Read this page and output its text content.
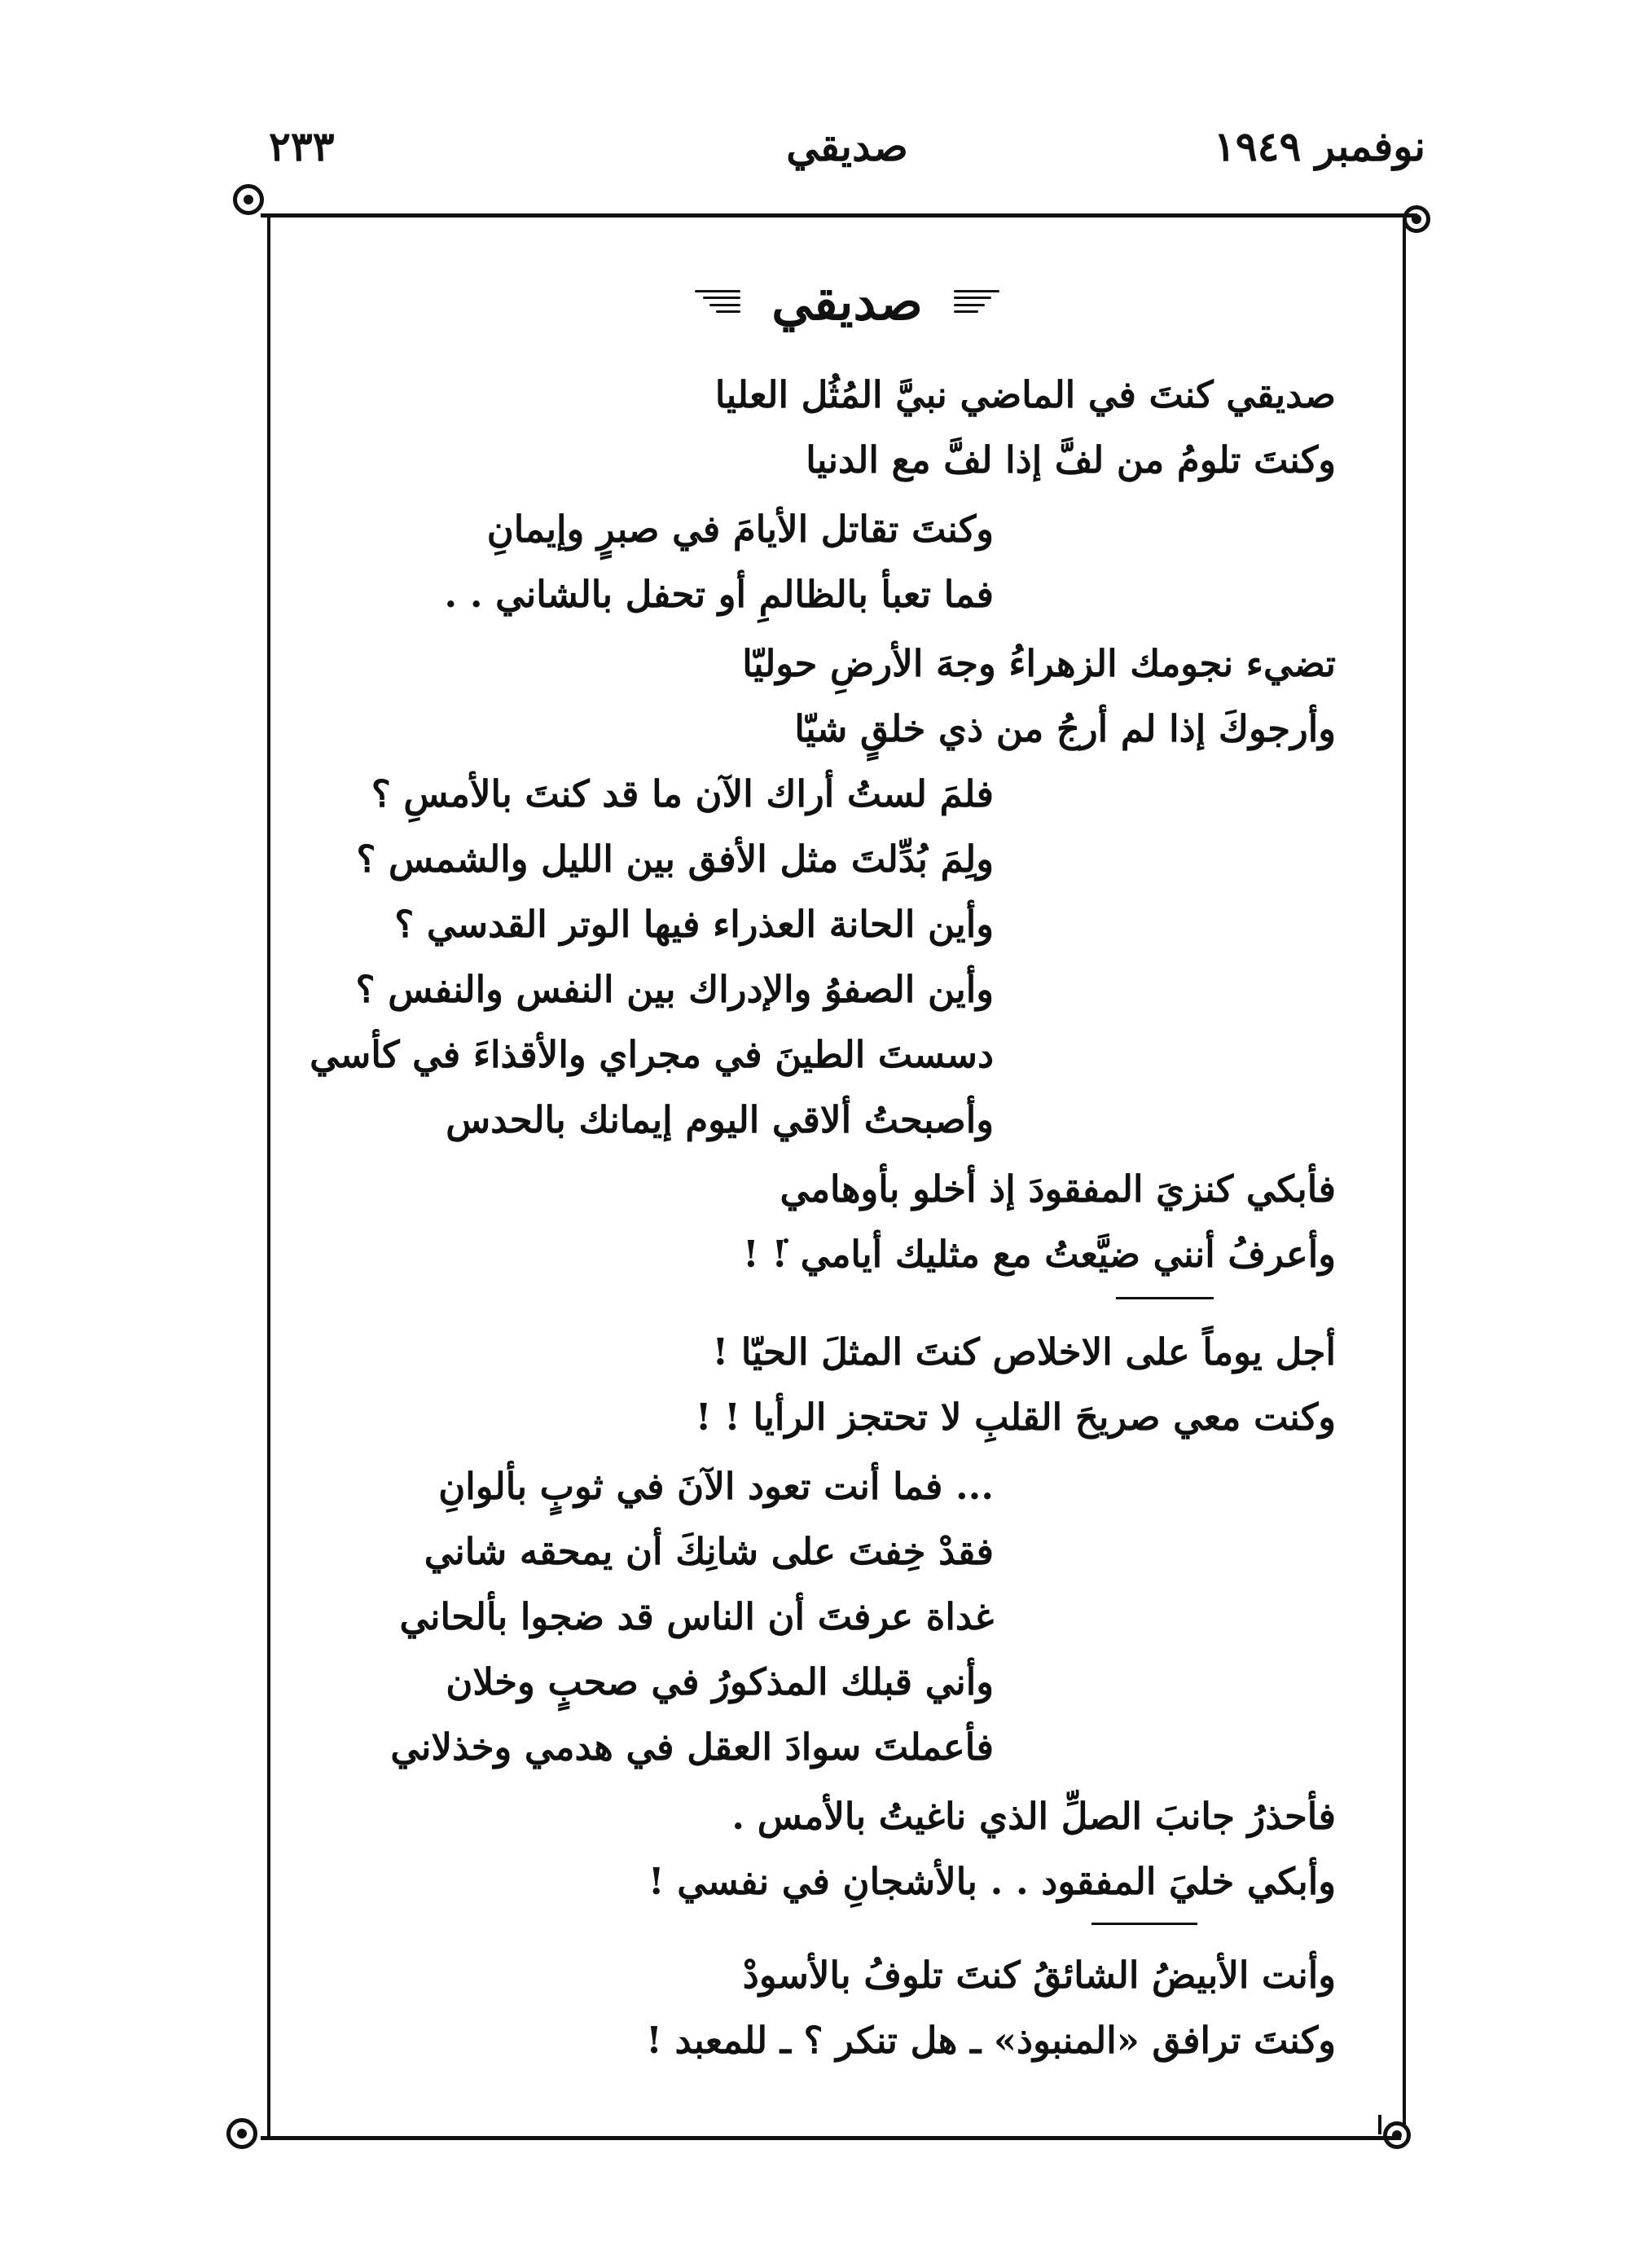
نوفمبر ١٩٤٩
صديقي
٢٣٣
صديقي
صديقي كنتَ في الماضي نبيَّ المُثُل العليا
وكنتَ تلومُ من لفَّ إذا لفَّ مع الدنيا
وكنتَ تقاتل الأيامَ في صبرٍ وإيمانِ
فما تعبأ بالظالمِ أو تحفل بالشاني . .
تضيء نجومك الزهراءُ وجهَ الأرضِ حوليّا
وأرجوكَ إذا لم أرجُ من ذي خلقٍ شيّا
فلمَ لستُ أراك الآن ما قد كنتَ بالأمسِ ؟
ولِمَ بُدِّلتَ مثل الأفق بين الليل والشمس ؟
وأين الحانة العذراء فيها الوتر القدسي ؟
وأين الصفوُ والإدراك بين النفس والنفس ؟
دسستَ الطينَ في مجراي والأقذاءَ في كأسي
وأصبحتُ ألاقي اليوم إيمانك بالحدس
فأبكي كنزيَ المفقودَ إذ أخلو بأوهامي
وأعرفُ أنني ضيَّعتُ مع مثليك أيامي ! !
أجل يوماً على الاخلاص كنتَ المثلَ الحيّا !
وكنت معي صريحَ القلبِ لا تحتجز الرأيا ! !
... فما أنت تعود الآنَ في ثوبٍ بألوانِ
فقدْ خِفتَ على شانِكَ أن يمحقه شاني
غداة عرفتَ أن الناس قد ضجوا بألحاني
وأني قبلك المذكورُ في صحبٍ وخلان
فأعملتَ سوادَ العقل في هدمي وخذلاني
فأحذرُ جانبَ الصلِّ الذي ناغيتُ بالأمس .
وأبكي خليَ المفقود . . بالأشجانِ في نفسي !
وأنت الأبيضُ الشائقُ كنتَ تلوفُ بالأسودْ
وكنتَ ترافق «المنبوذ» ـ هل تنكر ؟ ـ للمعبد !
